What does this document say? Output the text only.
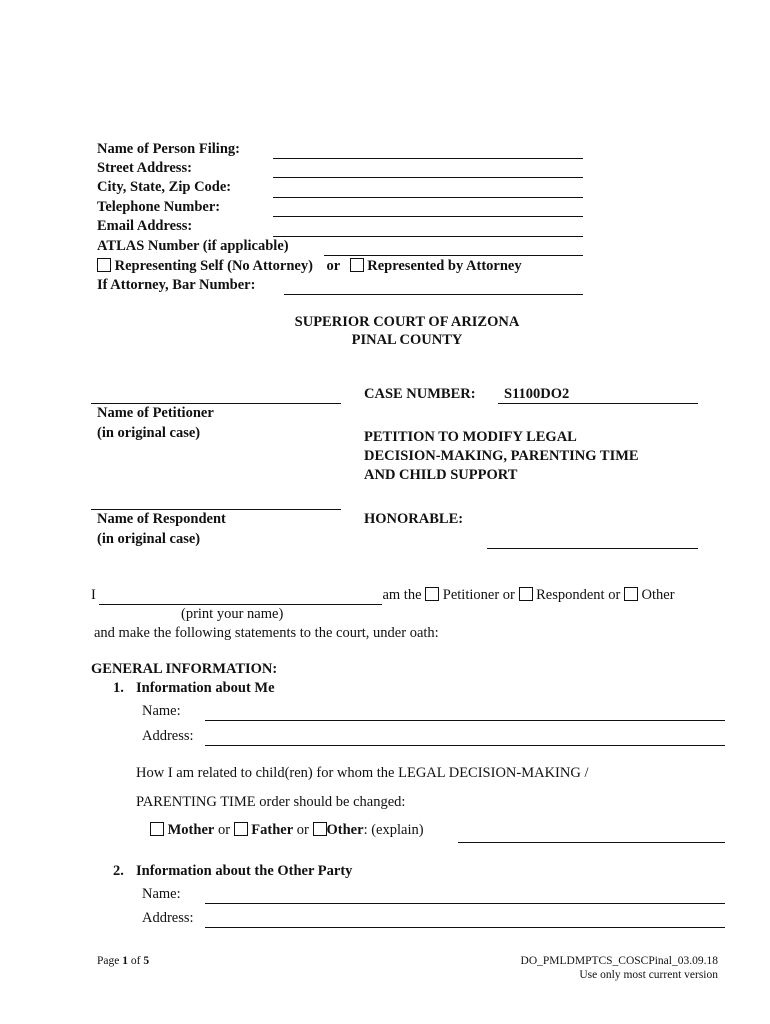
Name of Person Filing:
Street Address:
City, State, Zip Code:
Telephone Number:
Email Address:
ATLAS Number (if applicable)
Representing Self (No Attorney) or Represented by Attorney
If Attorney, Bar Number:
SUPERIOR COURT OF ARIZONA
PINAL COUNTY
Name of Petitioner
(in original case)
Name of Respondent
(in original case)
CASE NUMBER: S1100DO2
PETITION TO MODIFY LEGAL
DECISION-MAKING, PARENTING TIME
AND CHILD SUPPORT
HONORABLE:
I	am the Petitioner or Respondent or Other
(print your name)
and make the following statements to the court, under oath:
GENERAL INFORMATION:
1. Information about Me
Name:
Address:
How I am related to child(ren) for whom the LEGAL DECISION-MAKING /
PARENTING TIME order should be changed:
Mother or Father or Other: (explain)
2. Information about the Other Party
Name:
Address:
Page 1 of 5	DO_PMLDMPTCS_COSCPinal_03.09.18
Use only most current version
